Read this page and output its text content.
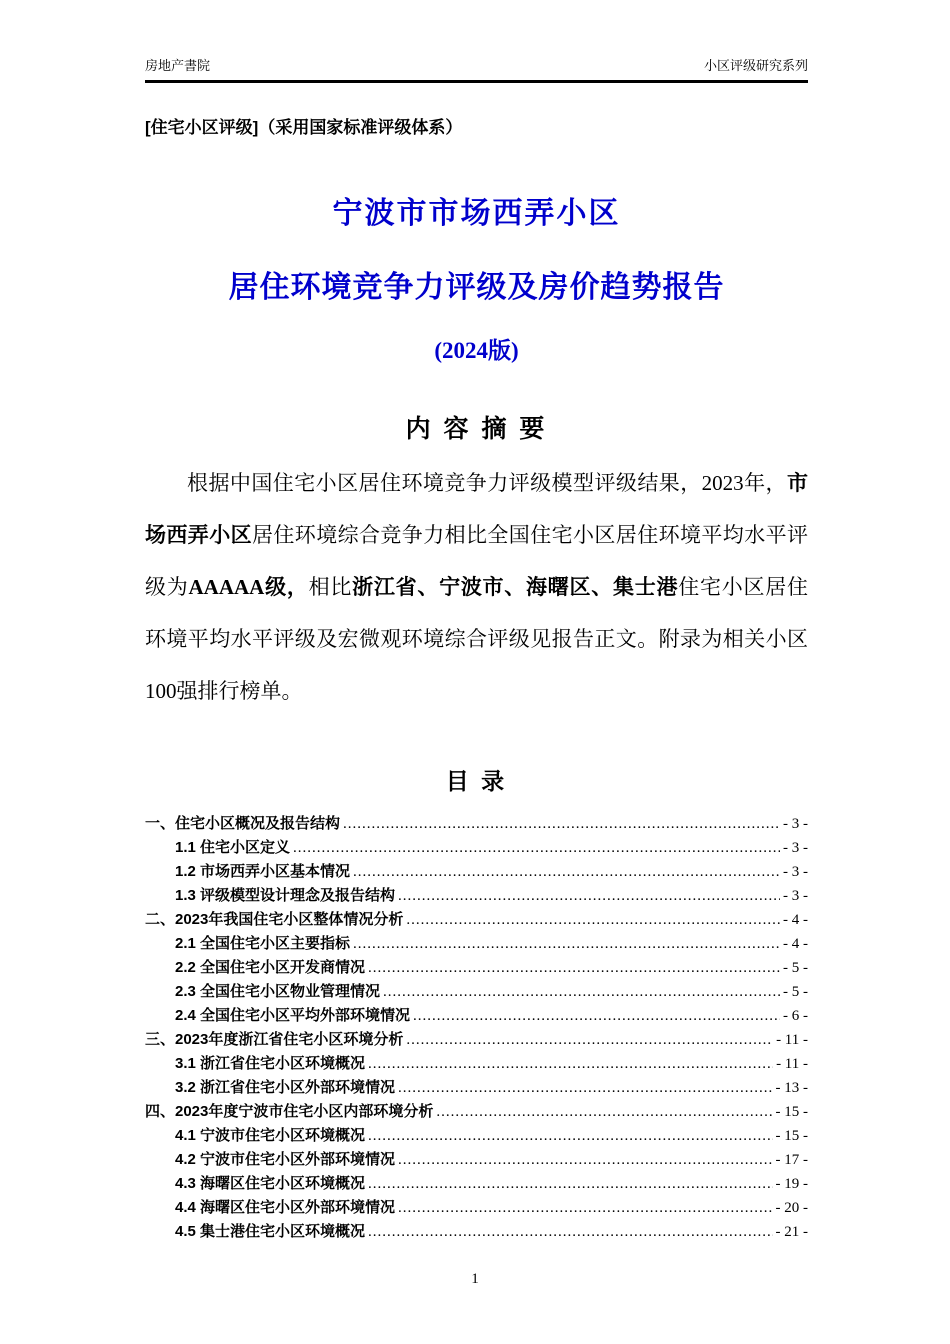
房地产書院	小区评级研究系列
[住宅小区评级]（采用国家标准评级体系）
宁波市市场西弄小区
居住环境竞争力评级及房价趋势报告
(2024版)
内 容 摘 要
根据中国住宅小区居住环境竞争力评级模型评级结果，2023年，市场西弄小区居住环境综合竞争力相比全国住宅小区居住环境平均水平评级为AAAAA级，相比浙江省、宁波市、海曙区、集士港住宅小区居住环境平均水平评级及宏微观环境综合评级见报告正文。附录为相关小区100强排行榜单。
目 录
一、住宅小区概况及报告结构 .....	- 3 -
1.1 住宅小区定义 .....	- 3 -
1.2 市场西弄小区基本情况 .....	- 3 -
1.3 评级模型设计理念及报告结构 .....	- 3 -
二、2023年我国住宅小区整体情况分析 .....	- 4 -
2.1 全国住宅小区主要指标 .....	- 4 -
2.2 全国住宅小区开发商情况 .....	- 5 -
2.3 全国住宅小区物业管理情况 .....	- 5 -
2.4 全国住宅小区平均外部环境情况 .....	- 6 -
三、2023年度浙江省住宅小区环境分析 .....	- 11 -
3.1 浙江省住宅小区环境概况 .....	- 11 -
3.2 浙江省住宅小区外部环境情况 .....	- 13 -
四、2023年度宁波市住宅小区内部环境分析 .....	- 15 -
4.1 宁波市住宅小区环境概况 .....	- 15 -
4.2 宁波市住宅小区外部环境情况 .....	- 17 -
4.3 海曙区住宅小区环境概况 .....	- 19 -
4.4 海曙区住宅小区外部环境情况 .....	- 20 -
4.5 集士港住宅小区环境概况 .....	- 21 -
1
